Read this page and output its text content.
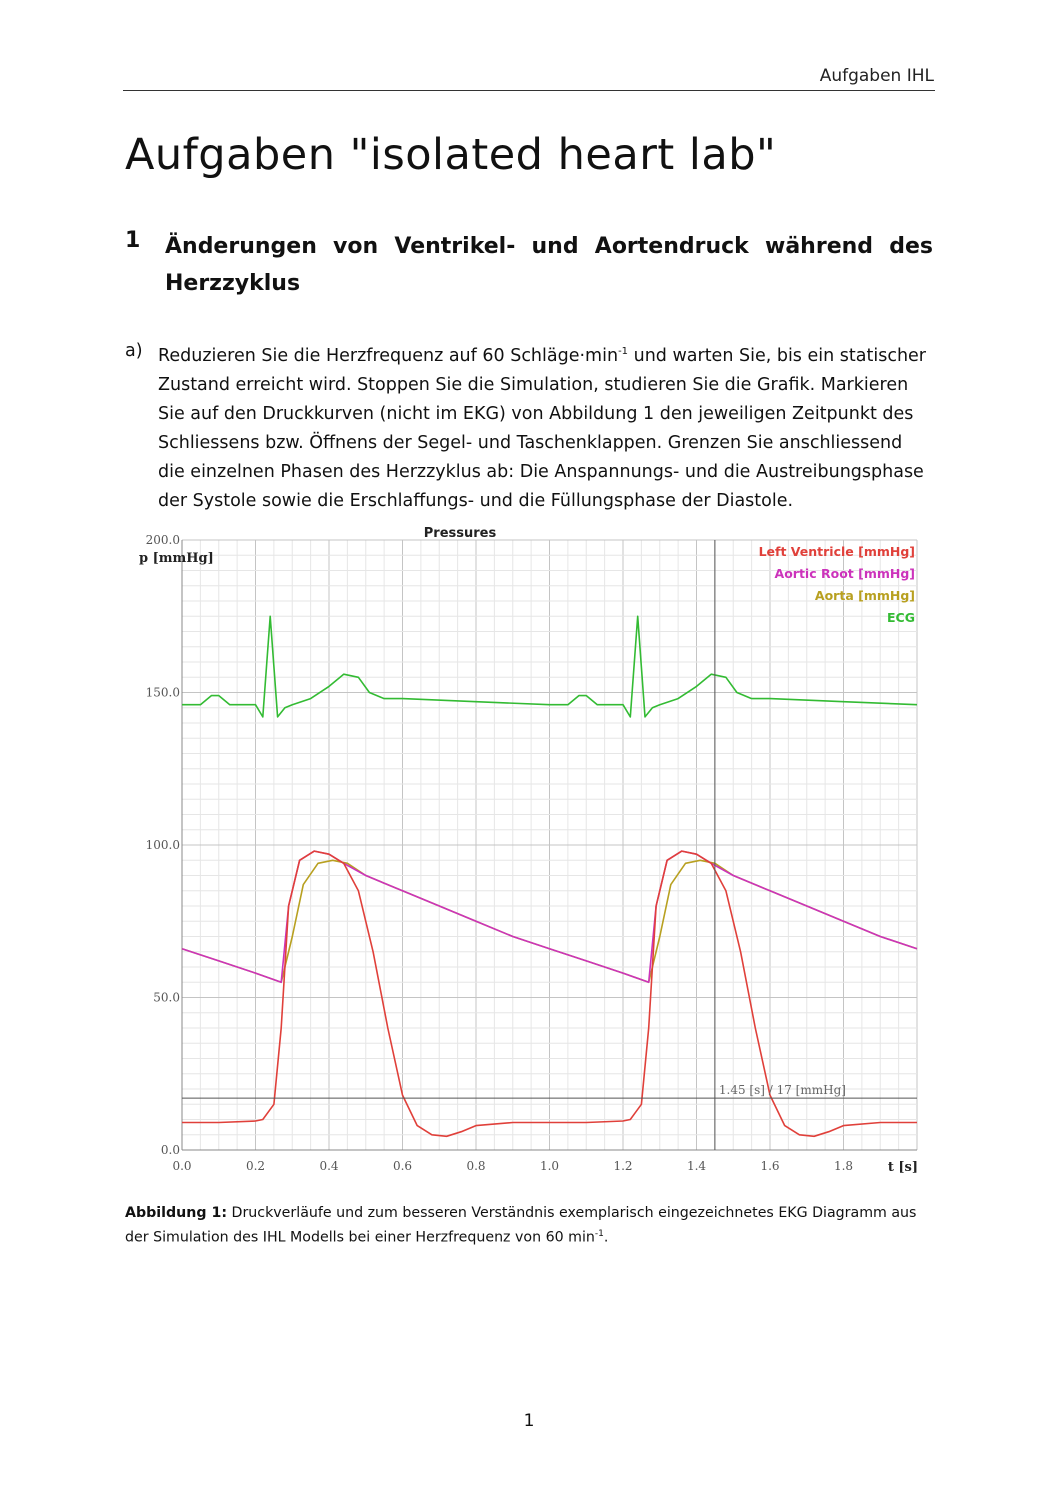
Aufgaben IHL
Aufgaben "isolated heart lab"
1 Änderungen von Ventrikel- und Aortendruck während des Herzzyklus
a) Reduzieren Sie die Herzfrequenz auf 60 $Schläge\cdot\min^{-1}$ und warten Sie, bis ein statischer Zustand erreicht wird. Stoppen Sie die Simulation, studieren Sie die Grafik. Markieren Sie auf den Druckkurven (nicht im EKG) von Abbildung 1 den jeweiligen Zeitpunkt des Schliessens bzw. Öffnens der Segel- und Taschenklappen. Grenzen Sie anschliessend die einzelnen Phasen des Herzzyklus ab: Die Anspannungs- und die Austreibungsphase der Systole sowie die Erschlaffungs- und die Füllungsphase der Diastole.
0.0	0.2	0.4	0.6	0.8	1.0	1.2	1.4	1.6	1.8
0.0
50.0
100.0
150.0
200.0
1.45 [s] / 17 [mmHg]
Left Ventricle [mmHg]
Aortic Root [mmHg]
Aorta [mmHg]
ECG
Pressures
p [mmHg]
t [s]
Abbildung 1: Druckverläufe und zum besseren Verständnis exemplarisch eingezeichnetes EKG Diagramm aus der Simulation des IHL Modells bei einer Herzfrequenz von 60 $\min^{-1}$.
1
